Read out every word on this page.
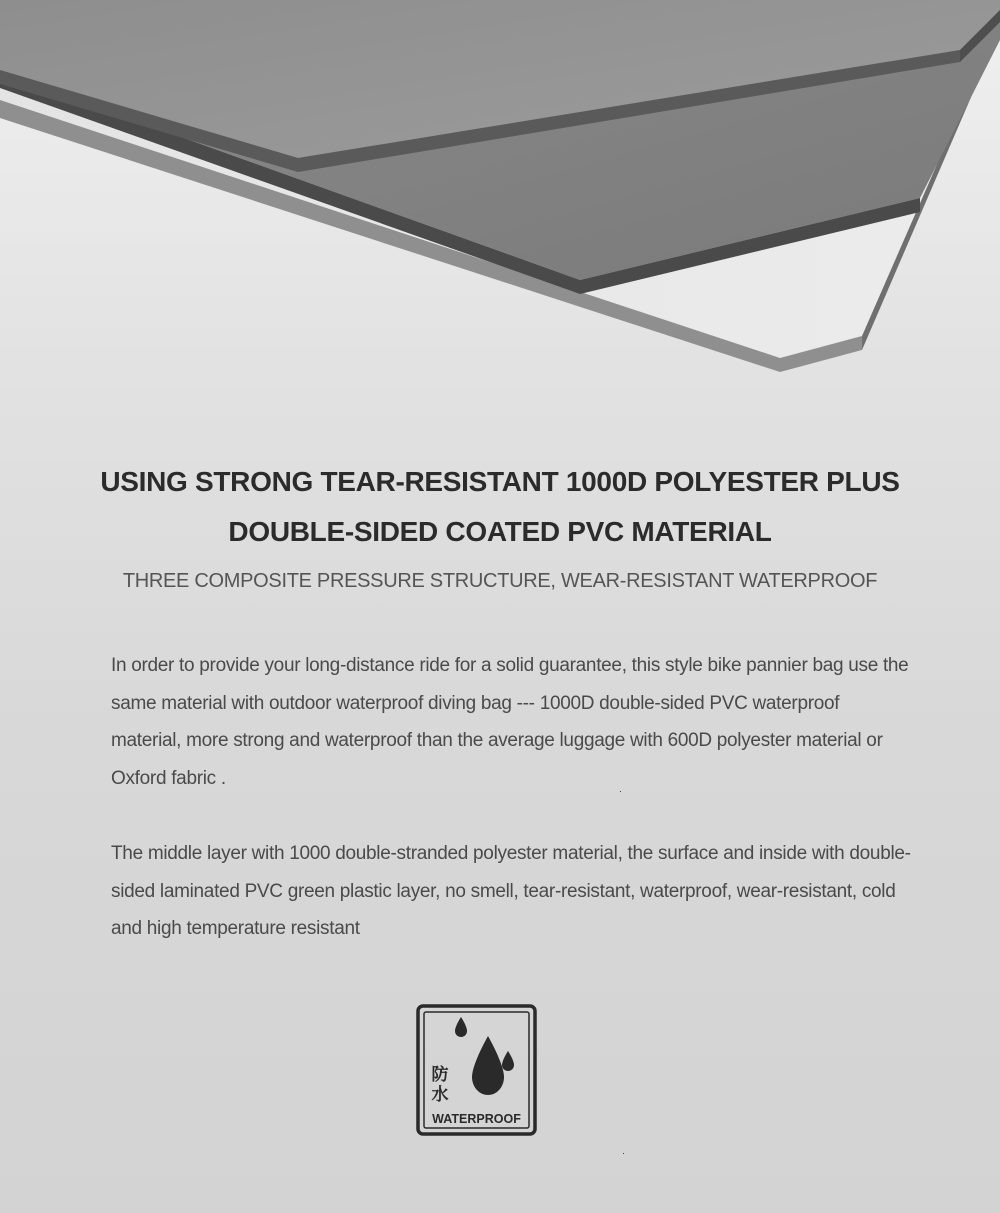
USING STRONG TEAR-RESISTANT 1000D POLYESTER PLUS
DOUBLE-SIDED COATED PVC MATERIAL

THREE COMPOSITE PRESSURE STRUCTURE, WEAR-RESISTANT WATERPROOF

In order to provide your long-distance ride for a solid guarantee, this style bike pannier bag use the same material with outdoor waterproof diving bag --- 1000D double-sided PVC waterproof material, more strong and waterproof than the average luggage with 600D polyester material or Oxford fabric .

The middle layer with 1000 double-stranded polyester material, the surface and inside with double-sided laminated PVC green plastic layer, no smell, tear-resistant, waterproof, wear-resistant, cold and high temperature resistant

防
水
WATERPROOF
